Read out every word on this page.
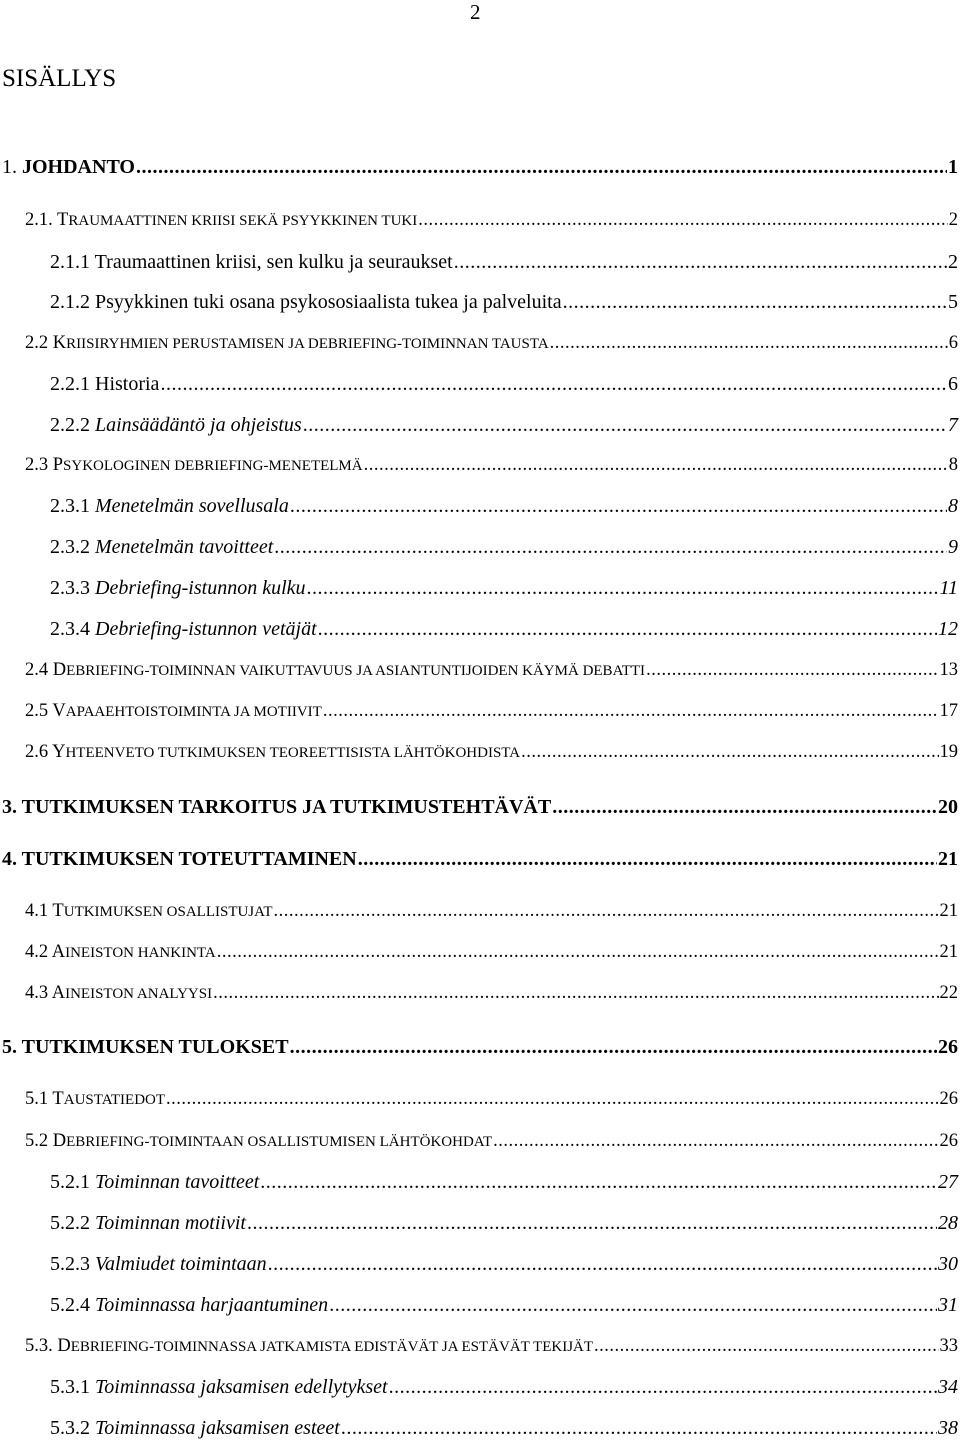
2
SISÄLLYS
1. JOHDANTO .....	1
2.1. TRAUMAATTINEN KRIISI SEKÄ PSYYKKINEN TUKI .....	2
2.1.1 Traumaattinen kriisi, sen kulku ja seuraukset .....	2
2.1.2 Psyykkinen tuki osana psykososiaalista tukea ja palveluita .....	5
2.2 KRIISIRYHMIEN PERUSTAMISEN JA DEBRIEFING-TOIMINNAN TAUSTA .....	6
2.2.1 Historia .....	6
2.2.2 Lainsäädäntö ja ohjeistus .....	7
2.3 PSYKOLOGINEN DEBRIEFING-MENETELMÄ .....	8
2.3.1 Menetelmän sovellusala .....	8
2.3.2 Menetelmän tavoitteet .....	9
2.3.3 Debriefing-istunnon kulku .....	11
2.3.4 Debriefing-istunnon vetäjät .....	12
2.4 DEBRIEFING-TOIMINNAN VAIKUTTAVUUS JA ASIANTUNTIJOIDEN KÄYMÄ DEBATTI .....	13
2.5 VAPAAEHTOISTOIMINTA JA MOTIIVIT .....	17
2.6 YHTEENVETO TUTKIMUKSEN TEOREETTISISTA LÄHTÖKOHDISTA .....	19
3. TUTKIMUKSEN TARKOITUS JA TUTKIMUSTEHTÄVÄT .....	20
4. TUTKIMUKSEN TOTEUTTAMINEN .....	21
4.1 TUTKIMUKSEN OSALLISTUJAT .....	21
4.2 AINEISTON HANKINTA .....	21
4.3 AINEISTON ANALYYSI .....	22
5. TUTKIMUKSEN TULOKSET .....	26
5.1 TAUSTATIEDOT .....	26
5.2 DEBRIEFING-TOIMINTAAN OSALLISTUMISEN LÄHTÖKOHDAT .....	26
5.2.1 Toiminnan tavoitteet .....	27
5.2.2 Toiminnan motiivit .....	28
5.2.3 Valmiudet toimintaan .....	30
5.2.4 Toiminnassa harjaantuminen .....	31
5.3. DEBRIEFING-TOIMINNASSA JATKAMISTA EDISTÄVÄT JA ESTÄVÄT TEKIJÄT .....	33
5.3.1 Toiminnassa jaksamisen edellytykset .....	34
5.3.2 Toiminnassa jaksamisen esteet .....	38
